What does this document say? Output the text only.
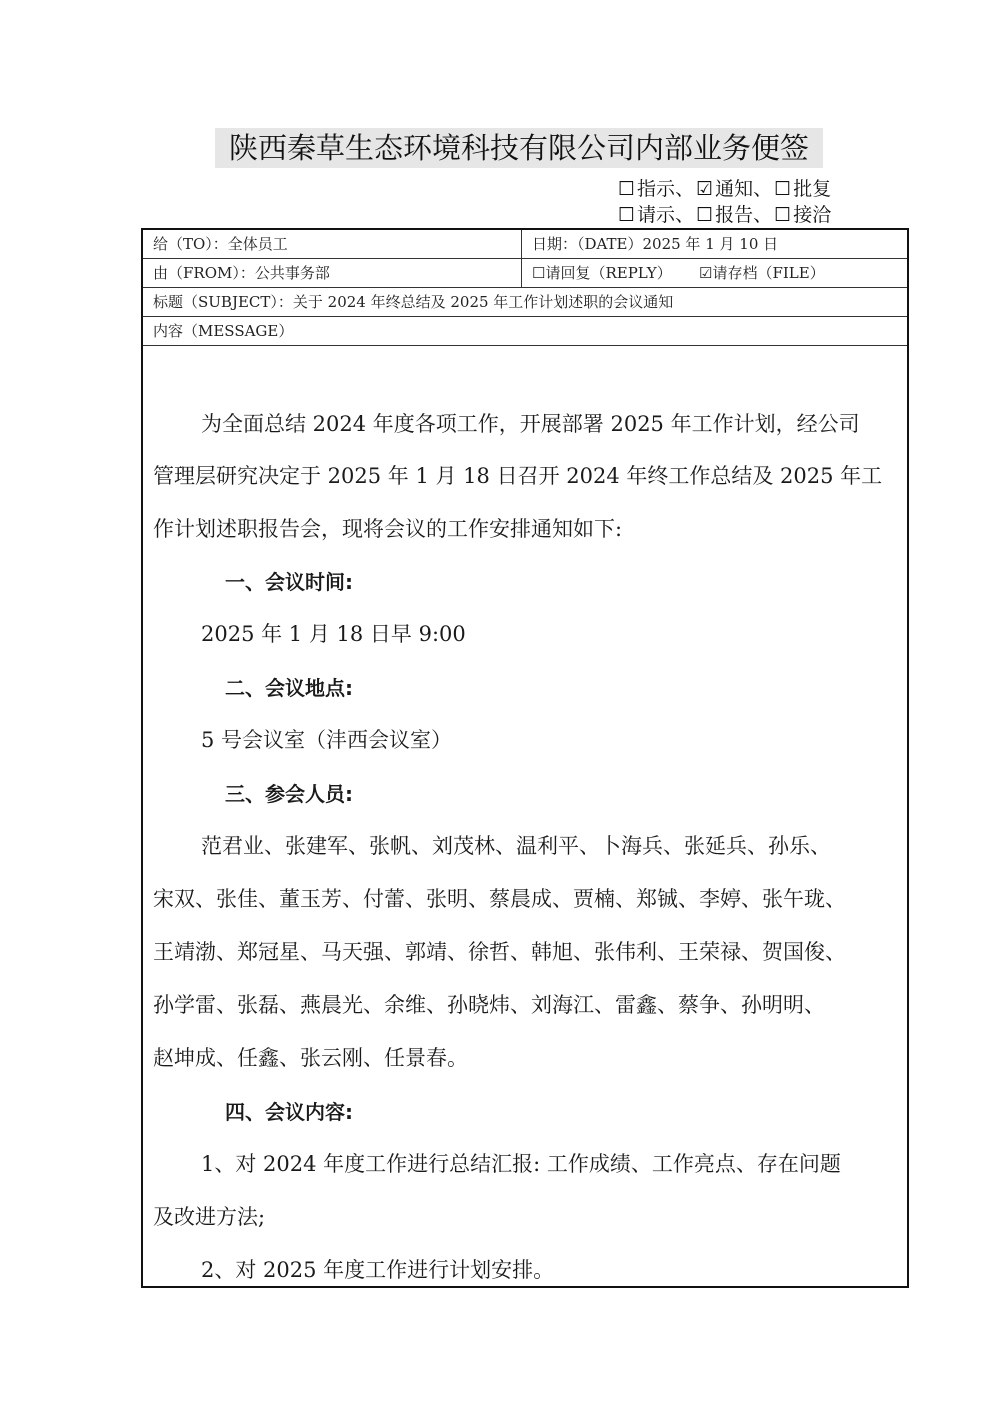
陕西秦草生态环境科技有限公司内部业务便签
☐ 指示、 ☑ 通知、 ☐ 批复
☐ 请示、 ☐ 报告、 ☐ 接洽
给（TO）：全体员工	日期：（DATE）2025 年 1 月 10 日
由（FROM）：公共事务部	☐请回复（REPLY） ☑请存档（FILE）
标题（SUBJECT）：关于 2024 年终总结及 2025 年工作计划述职的会议通知
内容（MESSAGE）
为全面总结 2024 年度各项工作，开展部署 2025 年工作计划，经公司
管理层研究决定于 2025 年 1 月 18 日召开 2024 年终工作总结及 2025 年工
作计划述职报告会，现将会议的工作安排通知如下:
一、会议时间:
2025 年 1 月 18 日早 9:00
二、会议地点:
5 号会议室（沣西会议室）
三、参会人员:
范君业、张建军、张帆、刘茂林、温利平、卜海兵、张延兵、孙乐、
宋双、张佳、董玉芳、付蕾、张明、蔡晨成、贾楠、郑铖、李婷、张午珑、
王靖渤、郑冠星、马天强、郭靖、徐哲、韩旭、张伟利、王荣禄、贺国俊、
孙学雷、张磊、燕晨光、余维、孙晓炜、刘海江、雷鑫、蔡争、孙明明、
赵坤成、任鑫、张云刚、任景春。
四、会议内容:
1、对 2024 年度工作进行总结汇报: 工作成绩、工作亮点、存在问题
及改进方法;
2、对 2025 年度工作进行计划安排。
